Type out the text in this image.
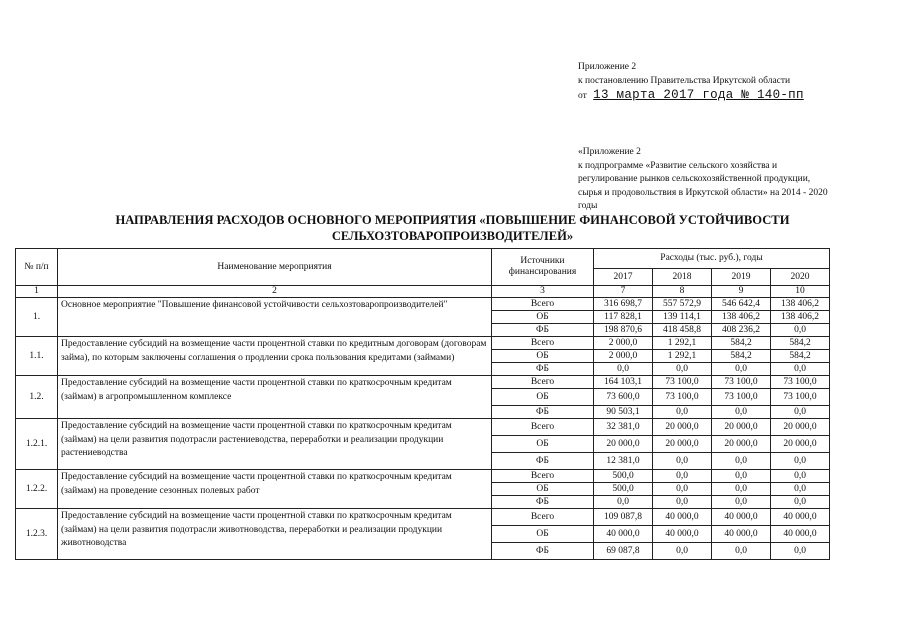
Приложение 2
к постановлению Правительства Иркутской области
от 13 марта 2017 года № 140-пп
«Приложение 2
к подпрограмме «Развитие сельского хозяйства и регулирование рынков сельскохозяйственной продукции, сырья и продовольствия в Иркутской области» на 2014 - 2020 годы
НАПРАВЛЕНИЯ РАСХОДОВ ОСНОВНОГО МЕРОПРИЯТИЯ «ПОВЫШЕНИЕ ФИНАНСОВОЙ УСТОЙЧИВОСТИ
СЕЛЬХОЗТОВАРОПРОИЗВОДИТЕЛЕЙ»
№ п/п	Наименование мероприятия	Источники финансирования	Расходы (тыс. руб.), годы			
			2017	2018	2019	2020
1	2	3	7	8	9	10
1.	Основное мероприятие "Повышение финансовой устойчивости сельхозтоваропроизводителей"	Всего	316 698,7	557 572,9	546 642,4	138 406,2
		ОБ	117 828,1	139 114,1	138 406,2	138 406,2
		ФБ	198 870,6	418 458,8	408 236,2	0,0
1.1.	Предоставление субсидий на возмещение части процентной ставки по кредитным договорам (договорам займа), по которым заключены соглашения о продлении срока пользования кредитами (займами)	Всего	2 000,0	1 292,1	584,2	584,2
		ОБ	2 000,0	1 292,1	584,2	584,2
		ФБ	0,0	0,0	0,0	0,0
1.2.	Предоставление субсидий на возмещение части процентной ставки по краткосрочным кредитам (займам) в агропромышленном комплексе	Всего	164 103,1	73 100,0	73 100,0	73 100,0
		ОБ	73 600,0	73 100,0	73 100,0	73 100,0
		ФБ	90 503,1	0,0	0,0	0,0
1.2.1.	Предоставление субсидий на возмещение части процентной ставки по краткосрочным кредитам (займам) на цели развития подотрасли растениеводства, переработки и реализации продукции растениеводства	Всего	32 381,0	20 000,0	20 000,0	20 000,0
		ОБ	20 000,0	20 000,0	20 000,0	20 000,0
		ФБ	12 381,0	0,0	0,0	0,0
1.2.2.	Предоставление субсидий на возмещение части процентной ставки по краткосрочным кредитам (займам) на проведение сезонных полевых работ	Всего	500,0	0,0	0,0	0,0
		ОБ	500,0	0,0	0,0	0,0
		ФБ	0,0	0,0	0,0	0,0
1.2.3.	Предоставление субсидий на возмещение части процентной ставки по краткосрочным кредитам (займам) на цели развития подотрасли животноводства, переработки и реализации продукции животноводства	Всего	109 087,8	40 000,0	40 000,0	40 000,0
		ОБ	40 000,0	40 000,0	40 000,0	40 000,0
		ФБ	69 087,8	0,0	0,0	0,0
